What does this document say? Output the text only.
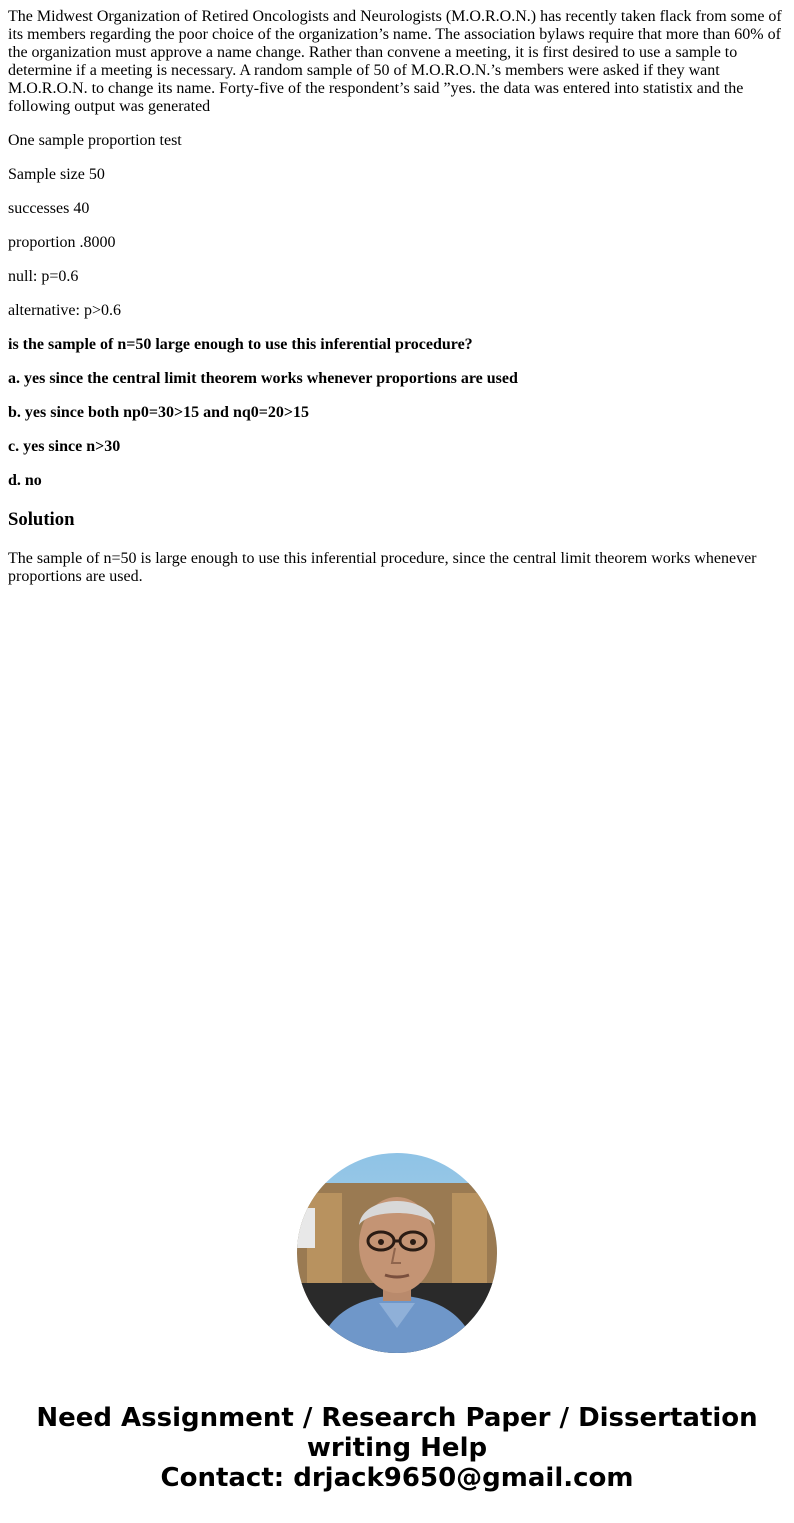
The Midwest Organization of Retired Oncologists and Neurologists (M.O.R.O.N.) has recently taken flack from some of its members regarding the poor choice of the organization’s name. The association bylaws require that more than 60% of the organization must approve a name change. Rather than convene a meeting, it is first desired to use a sample to determine if a meeting is necessary. A random sample of 50 of M.O.R.O.N.’s members were asked if they want M.O.R.O.N. to change its name. Forty-five of the respondent’s said ”yes. the data was entered into statistix and the following output was generated

One sample proportion test

Sample size 50

successes 40

proportion .8000

null: p=0.6

alternative: p>0.6

is the sample of n=50 large enough to use this inferential procedure?

a. yes since the central limit theorem works whenever proportions are used

b. yes since both np0=30>15 and nq0=20>15

c. yes since n>30

d. no

Solution

The sample of n=50 is large enough to use this inferential procedure, since the central limit theorem works whenever proportions are used.

Need Assignment / Research Paper / Dissertation
writing Help
Contact: drjack9650@gmail.com
